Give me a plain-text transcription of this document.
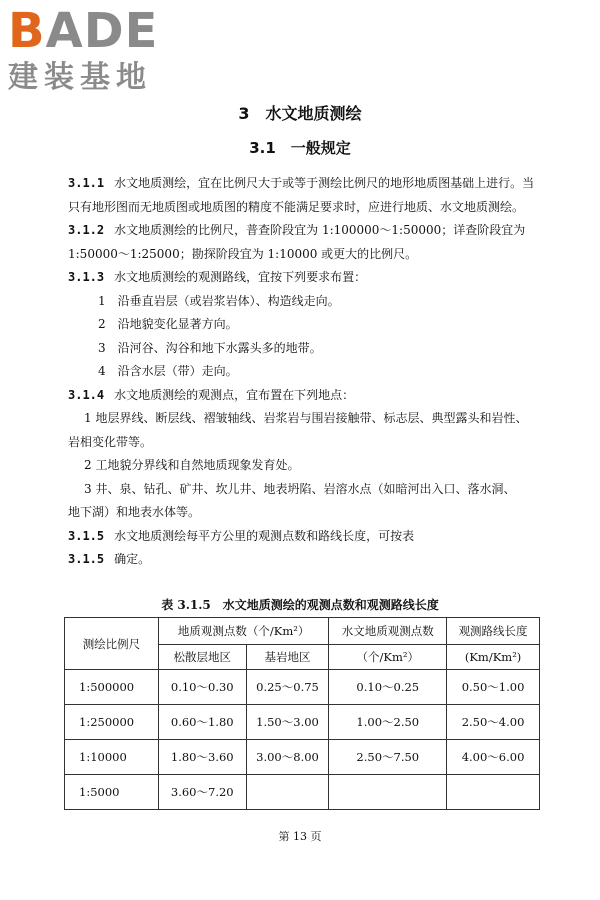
BADE
建装基地
3　水文地质测绘
3.1　一般规定

3.1.1 水文地质测绘，宜在比例尺大于或等于测绘比例尺的地形地质图基础上进行。当

只有地形图而无地质图或地质图的精度不能满足要求时，应进行地质、水文地质测绘。

3.1.2 水文地质测绘的比例尺，普查阶段宜为 1:100000～1:50000；详查阶段宜为

1:50000～1:25000；勘探阶段宜为 1:10000 或更大的比例尺。

3.1.3 水文地质测绘的观测路线，宜按下列要求布置：

1　沿垂直岩层（或岩浆岩体）、构造线走向。

2　沿地貌变化显著方向。

3　沿河谷、沟谷和地下水露头多的地带。

4　沿含水层（带）走向。

3.1.4 水文地质测绘的观测点，宜布置在下列地点：

1 地层界线、断层线、褶皱轴线、岩浆岩与围岩接触带、标志层、典型露头和岩性、

岩相变化带等。

2 工地貌分界线和自然地质现象发育处。

3 井、泉、钻孔、矿井、坎儿井、地表坍陷、岩溶水点（如暗河出入口、落水洞、

地下湖）和地表水体等。

3.1.5 水文地质测绘每平方公里的观测点数和路线长度，可按表

3.1.5 确定。

表 3.1.5　水文地质测绘的观测点数和观测路线长度
测绘比例尺	地质观测点数（个/Km²）		水文地质观测点数	观测路线长度
	松散层地区	基岩地区	（个/Km²）	(Km/Km²)
1:500000	0.10～0.30	0.25～0.75	0.10～0.25	0.50～1.00
1:250000	0.60～1.80	1.50～3.00	1.00～2.50	2.50～4.00
1:10000	1.80～3.60	3.00～8.00	2.50～7.50	4.00～6.00
1:5000	3.60～7.20			
第 13 页
